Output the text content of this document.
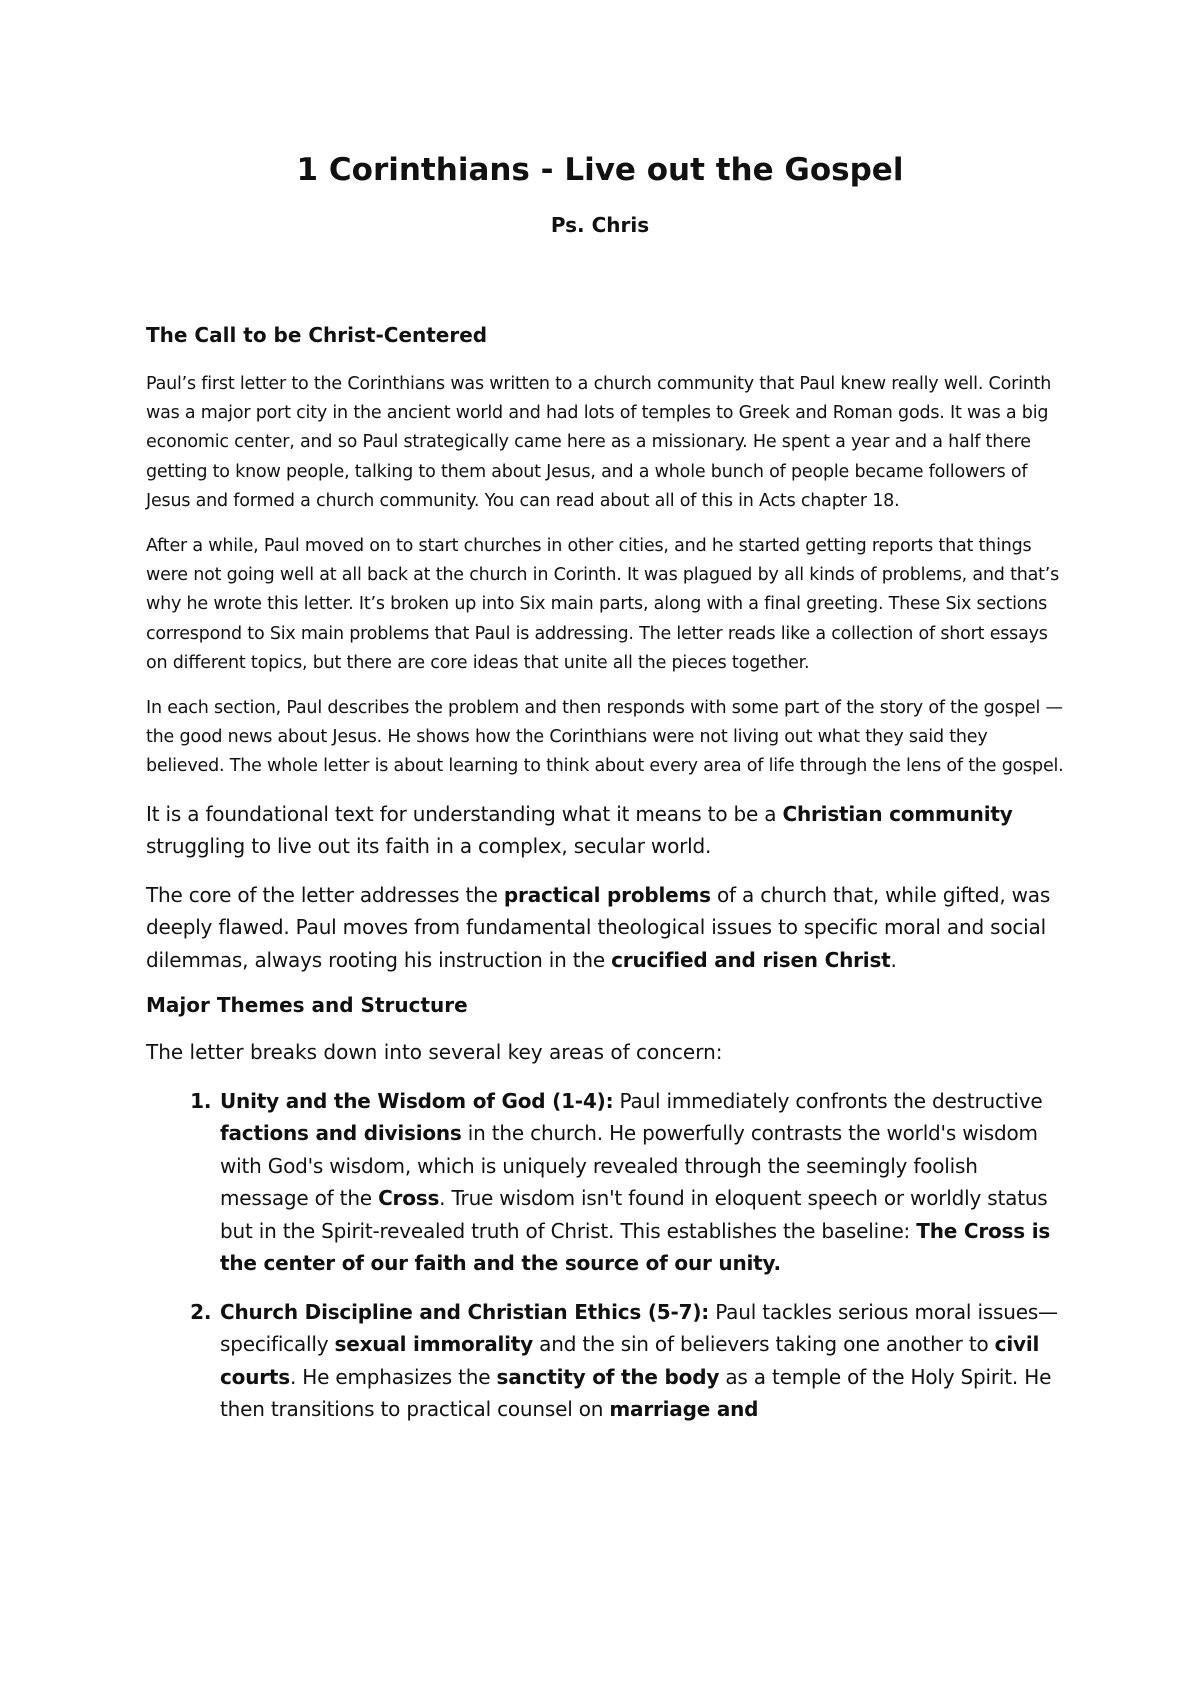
1 Corinthians - Live out the Gospel
Ps. Chris
The Call to be Christ-Centered

Paul’s first letter to the Corinthians was written to a church community that Paul knew really well. Corinth was a major port city in the ancient world and had lots of temples to Greek and Roman gods. It was a big economic center, and so Paul strategically came here as a missionary. He spent a year and a half there getting to know people, talking to them about Jesus, and a whole bunch of people became followers of Jesus and formed a church community. You can read about all of this in Acts chapter 18.

After a while, Paul moved on to start churches in other cities, and he started getting reports that things were not going well at all back at the church in Corinth. It was plagued by all kinds of problems, and that’s why he wrote this letter. It’s broken up into Six main parts, along with a final greeting. These Six sections correspond to Six main problems that Paul is addressing. The letter reads like a collection of short essays on different topics, but there are core ideas that unite all the pieces together.

In each section, Paul describes the problem and then responds with some part of the story of the gospel — the good news about Jesus. He shows how the Corinthians were not living out what they said they believed. The whole letter is about learning to think about every area of life through the lens of the gospel.

It is a foundational text for understanding what it means to be a Christian community struggling to live out its faith in a complex, secular world.

The core of the letter addresses the practical problems of a church that, while gifted, was deeply flawed. Paul moves from fundamental theological issues to specific moral and social dilemmas, always rooting his instruction in the crucified and risen Christ.

Major Themes and Structure

The letter breaks down into several key areas of concern:

1. Unity and the Wisdom of God (1-4): Paul immediately confronts the destructive factions and divisions in the church. He powerfully contrasts the world's wisdom with God's wisdom, which is uniquely revealed through the seemingly foolish message of the Cross. True wisdom isn't found in eloquent speech or worldly status but in the Spirit-revealed truth of Christ. This establishes the baseline: The Cross is the center of our faith and the source of our unity.
2. Church Discipline and Christian Ethics (5-7): Paul tackles serious moral issues—specifically sexual immorality and the sin of believers taking one another to civil courts. He emphasizes the sanctity of the body as a temple of the Holy Spirit. He then transitions to practical counsel on marriage and
